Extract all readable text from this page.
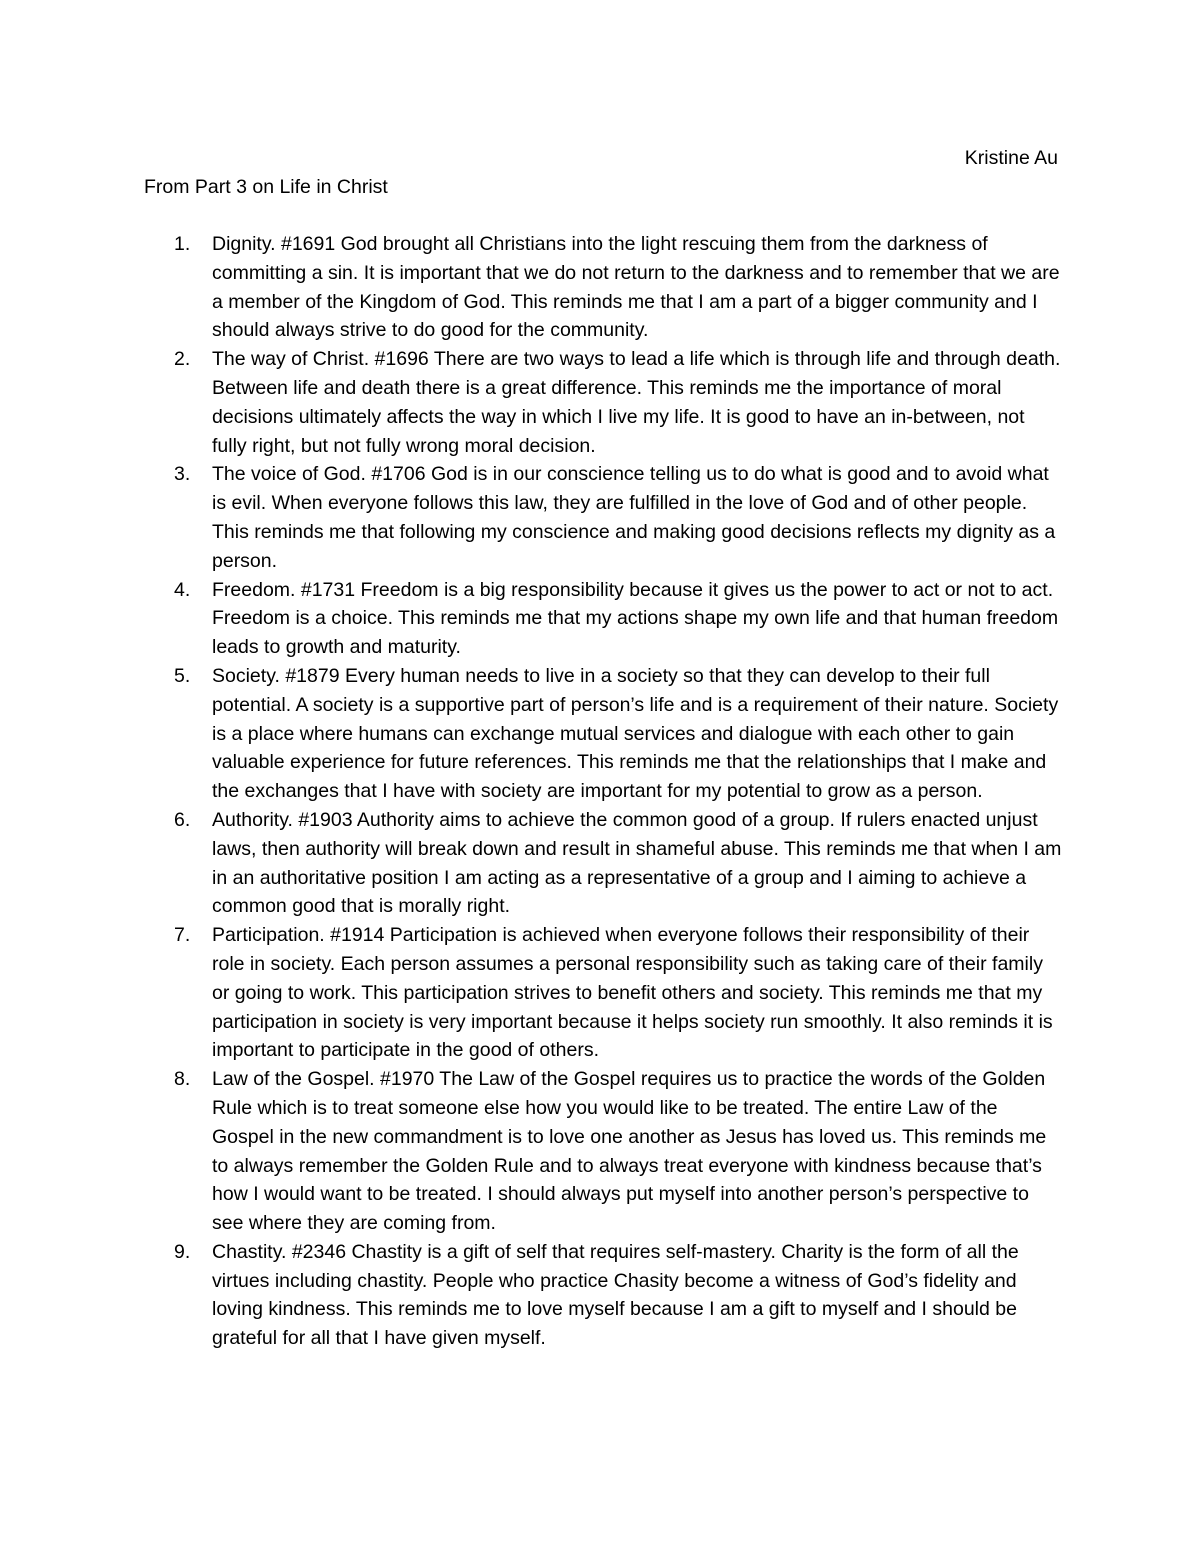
Kristine Au
From Part 3 on Life in Christ
1. Dignity. #1691 God brought all Christians into the light rescuing them from the darkness of committing a sin. It is important that we do not return to the darkness and to remember that we are a member of the Kingdom of God. This reminds me that I am a part of a bigger community and I should always strive to do good for the community.
2. The way of Christ. #1696 There are two ways to lead a life which is through life and through death. Between life and death there is a great difference. This reminds me the importance of moral decisions ultimately affects the way in which I live my life. It is good to have an in-between, not fully right, but not fully wrong moral decision.
3. The voice of God. #1706 God is in our conscience telling us to do what is good and to avoid what is evil. When everyone follows this law, they are fulfilled in the love of God and of other people. This reminds me that following my conscience and making good decisions reflects my dignity as a person.
4. Freedom. #1731 Freedom is a big responsibility because it gives us the power to act or not to act. Freedom is a choice. This reminds me that my actions shape my own life and that human freedom leads to growth and maturity.
5. Society. #1879 Every human needs to live in a society so that they can develop to their full potential. A society is a supportive part of person’s life and is a requirement of their nature. Society is a place where humans can exchange mutual services and dialogue with each other to gain valuable experience for future references. This reminds me that the relationships that I make and the exchanges that I have with society are important for my potential to grow as a person.
6. Authority. #1903 Authority aims to achieve the common good of a group. If rulers enacted unjust laws, then authority will break down and result in shameful abuse. This reminds me that when I am in an authoritative position I am acting as a representative of a group and I aiming to achieve a common good that is morally right.
7. Participation. #1914 Participation is achieved when everyone follows their responsibility of their role in society. Each person assumes a personal responsibility such as taking care of their family or going to work. This participation strives to benefit others and society. This reminds me that my participation in society is very important because it helps society run smoothly. It also reminds it is important to participate in the good of others.
8. Law of the Gospel. #1970 The Law of the Gospel requires us to practice the words of the Golden Rule which is to treat someone else how you would like to be treated. The entire Law of the Gospel in the new commandment is to love one another as Jesus has loved us. This reminds me to always remember the Golden Rule and to always treat everyone with kindness because that’s how I would want to be treated. I should always put myself into another person’s perspective to see where they are coming from.
9. Chastity. #2346 Chastity is a gift of self that requires self-mastery. Charity is the form of all the virtues including chastity. People who practice Chasity become a witness of God’s fidelity and loving kindness. This reminds me to love myself because I am a gift to myself and I should be grateful for all that I have given myself.
